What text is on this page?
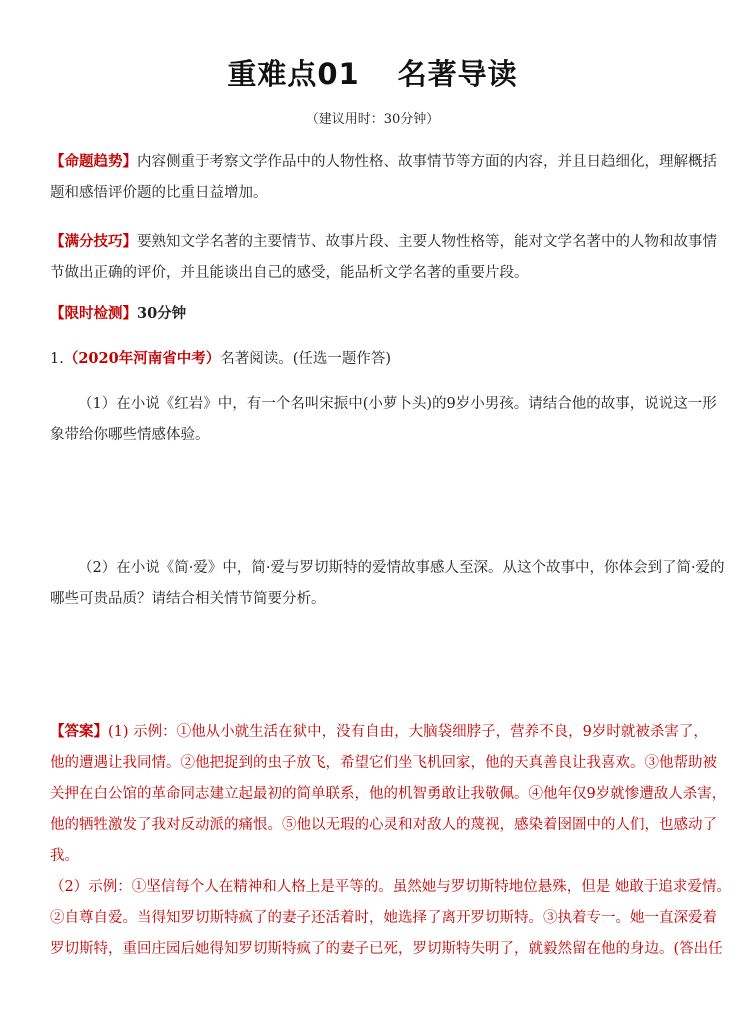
重难点01 名著导读
（建议用时：30分钟）
【命题趋势】内容侧重于考察文学作品中的人物性格、故事情节等方面的内容，并且日趋细化，理解概括
题和感悟评价题的比重日益增加。
【满分技巧】要熟知文学名著的主要情节、故事片段、主要人物性格等，能对文学名著中的人物和故事情
节做出正确的评价，并且能谈出自己的感受，能品析文学名著的重要片段。
【限时检测】30分钟
1.（2020年河南省中考）名著阅读。(任选一题作答)
（1）在小说《红岩》中，有一个名叫宋振中(小萝卜头)的9岁小男孩。请结合他的故事，说说这一形
象带给你哪些情感体验。
（2）在小说《简·爱》中，简·爱与罗切斯特的爱情故事感人至深。从这个故事中，你体会到了简·爱的
哪些可贵品质？请结合相关情节简要分析。
【答案】(1) 示例：①他从小就生活在狱中，没有自由，大脑袋细脖子，营养不良，9岁时就被杀害了，
他的遭遇让我同情。②他把捉到的虫子放飞，希望它们坐飞机回家，他的天真善良让我喜欢。③他帮助被
关押在白公馆的革命同志建立起最初的简单联系，他的机智勇敢让我敬佩。④他年仅9岁就惨遭敌人杀害，
他的牺牲激发了我对反动派的痛恨。⑤他以无瑕的心灵和对敌人的蔑视，感染着囹圄中的人们，也感动了
我。
（2）示例：①坚信每个人在精神和人格上是平等的。虽然她与罗切斯特地位悬殊，但是 她敢于追求爱情。
②自尊自爱。当得知罗切斯特疯了的妻子还活着时，她选择了离开罗切斯特。③执着专一。她一直深爱着
罗切斯特，重回庄园后她得知罗切斯特疯了的妻子已死，罗切斯特失明了，就毅然留在他的身边。(答出任
